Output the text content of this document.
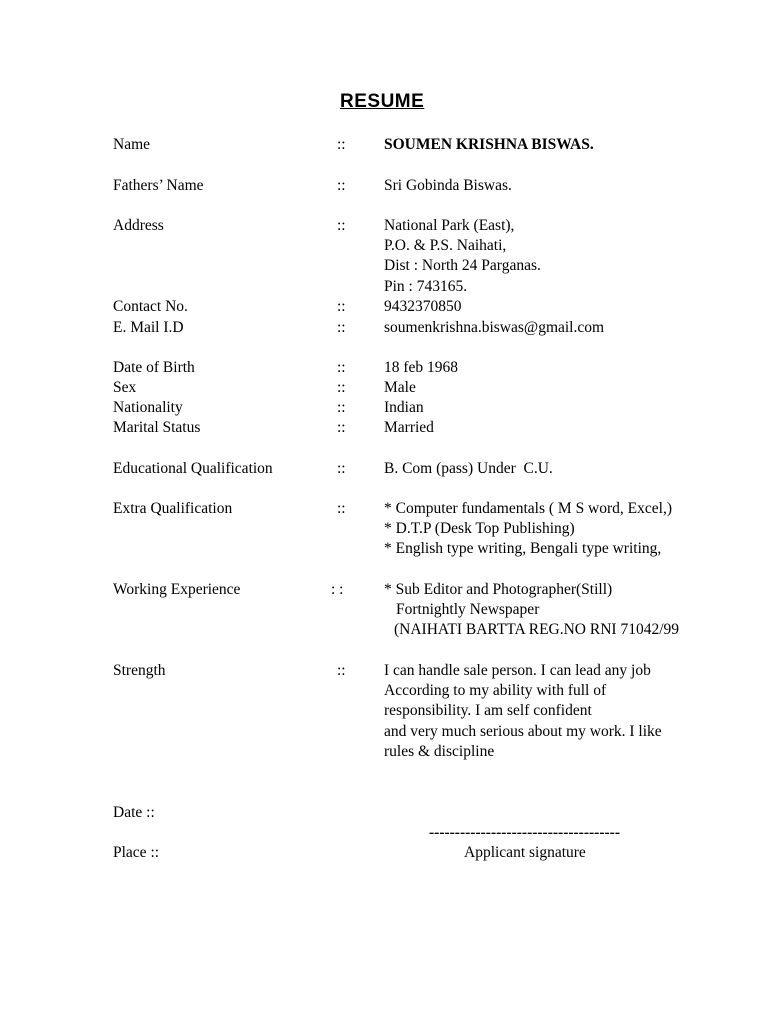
RESUME
Name	:: SOUMEN KRISHNA BISWAS.
Fathers’ Name	:: Sri Gobinda Biswas.
Address	:: National Park (East),
P.O. & P.S. Naihati,
Dist : North 24 Parganas.
Pin : 743165.
Contact No.	:: 9432370850
E. Mail I.D	:: soumenkrishna.biswas@gmail.com
Date of Birth	:: 18 feb 1968
Sex	:: Male
Nationality	:: Indian
Marital Status	:: Married
Educational Qualification	:: B. Com (pass) Under  C.U.
Extra Qualification	:: * Computer fundamentals ( M S word, Excel,)
* D.T.P (Desk Top Publishing)
* English type writing, Bengali type writing,
Working Experience	: :	* Sub Editor and Photographer(Still)
Fortnightly Newspaper
(NAIHATI BARTTA REG.NO RNI 71042/99
Strength	:: I can handle sale person. I can lead any job
According to my ability with full of
responsibility. I am self confident
and very much serious about my work. I like
rules & discipline
Date ::
-------------------------------------
Place ::	Applicant signature
